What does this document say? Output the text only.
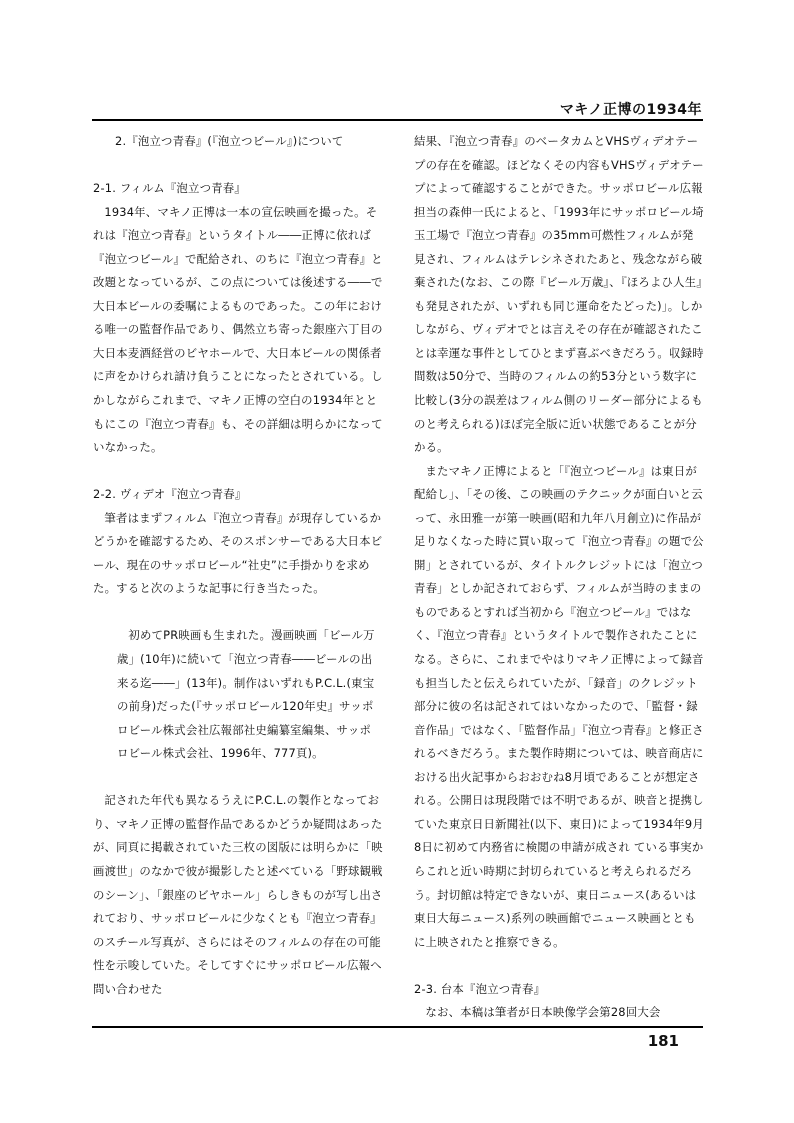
マキノ正博の1934年

2.『泡立つ青春』(『泡立つビール』)について

2-1. フィルム『泡立つ青春』

1934年、マキノ正博は一本の宣伝映画を撮った。それは『泡立つ青春』というタイトル――正博に依れば『泡立つビール』で配給され、のちに『泡立つ青春』と改題となっているが、この点については後述する――で大日本ビールの委嘱によるものであった。この年における唯一の監督作品であり、偶然立ち寄った銀座六丁目の大日本麦酒経営のビヤホールで、大日本ビールの関係者に声をかけられ請け負うことになったとされている。しかしながらこれまで、マキノ正博の空白の1934年とともにこの『泡立つ青春』も、その詳細は明らかになっていなかった。

2-2. ヴィデオ『泡立つ青春』

筆者はまずフィルム『泡立つ青春』が現存しているかどうかを確認するため、そのスポンサーである大日本ビール、現在のサッポロビール“社史”に手掛かりを求めた。すると次のような記事に行き当たった。

初めてPR映画も生まれた。漫画映画「ビール万歳」(10年)に続いて「泡立つ青春――ビールの出来る迄――」(13年)。制作はいずれもP.C.L.(東宝の前身)だった(『サッポロビール120年史』サッポロビール株式会社広報部社史編纂室編集、サッポロビール株式会社、1996年、777頁)。

記された年代も異なるうえにP.C.L.の製作となっており、マキノ正博の監督作品であるかどうか疑問はあったが、同頁に掲載されていた三枚の図版には明らかに「映画渡世」のなかで彼が撮影したと述べている「野球観戦のシーン」、「銀座のビヤホール」らしきものが写し出されており、サッポロビールに少なくとも『泡立つ青春』のスチール写真が、さらにはそのフィルムの存在の可能性を示唆していた。そしてすぐにサッポロビール広報へ問い合わせた

結果、『泡立つ青春』のベータカムとVHSヴィデオテープの存在を確認。ほどなくその内容もVHSヴィデオテープによって確認することができた。サッポロビール広報担当の森伸一氏によると、「1993年にサッポロビール埼玉工場で『泡立つ青春』の35mm可燃性フィルムが発見され、フィルムはテレシネされたあと、残念ながら破棄された(なお、この際『ビール万歳』、『ほろよひ人生』も発見されたが、いずれも同じ運命をたどった)」。しかしながら、ヴィデオでとは言えその存在が確認されたことは幸運な事件としてひとまず喜ぶべきだろう。収録時間数は50分で、当時のフィルムの約53分という数字に比較し(3分の誤差はフィルム側のリーダー部分によるものと考えられる)ほぼ完全版に近い状態であることが分かる。

またマキノ正博によると「『泡立つビール』は東日が配給し」、「その後、この映画のテクニックが面白いと云って、永田雅一が第一映画(昭和九年八月創立)に作品が足りなくなった時に買い取って『泡立つ青春』の題で公開」とされているが、タイトルクレジットには「泡立つ青春」としか記されておらず、フィルムが当時のままのものであるとすれば当初から『泡立つビール』ではなく、『泡立つ青春』というタイトルで製作されたことになる。さらに、これまでやはりマキノ正博によって録音も担当したと伝えられていたが、「録音」のクレジット部分に彼の名は記されてはいなかったので、「監督・録音作品」ではなく、「監督作品」『泡立つ青春』と修正されるべきだろう。また製作時期については、映音商店における出火記事からおおむね8月頃であることが想定される。公開日は現段階では不明であるが、映音と提携していた東京日日新聞社(以下、東日)によって1934年9月8日に初めて内務省に検閲の申請が成され ている事実からこれと近い時期に封切られていると考えられるだろう。封切館は特定できないが、東日ニュース(あるいは東日大毎ニュース)系列の映画館でニュース映画とともに上映されたと推察できる。

2-3. 台本『泡立つ青春』

なお、本稿は筆者が日本映像学会第28回大会

181
